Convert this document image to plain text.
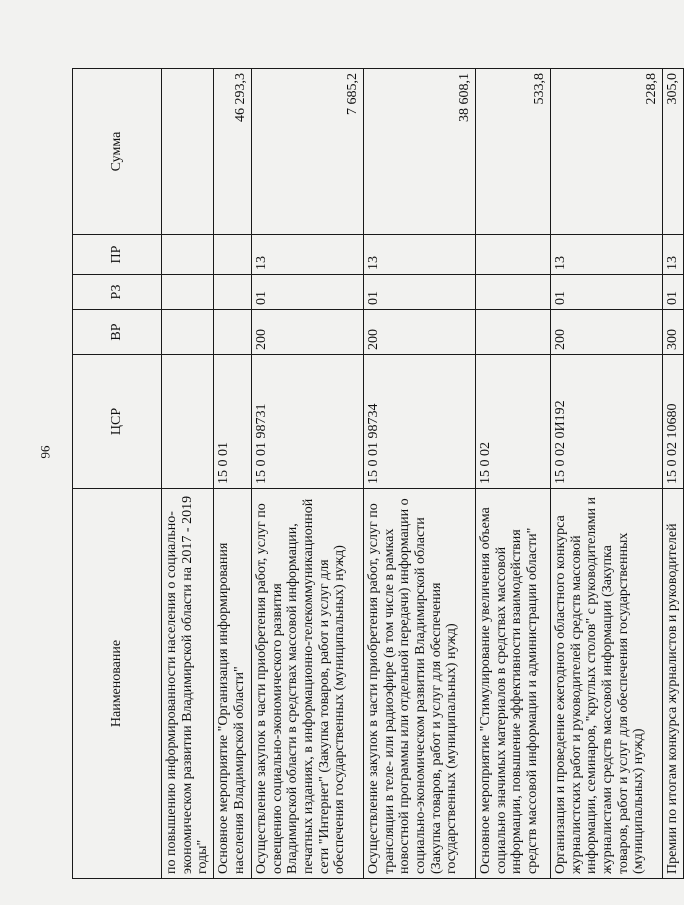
96
Наименование	ЦСР	ВР	РЗ	ПР	Сумма
по повышению информированности населения о социально-экономическом развитии Владимирской области на 2017 - 2019 годы"					
Основное мероприятие "Организация информирования населения Владимирской области"	15 0 01				46 293,3
Осуществление закупок в части приобретения работ, услуг по освещению социально-экономического развития Владимирской области в средствах массовой информации, печатных изданиях, в информационно-телекоммуникационной сети "Интернет" (Закупка товаров, работ и услуг для обеспечения государственных (муниципальных) нужд)	15 0 01 98731	200	01	13	7 685,2
Осуществление закупок в части приобретения работ, услуг по трансляции в теле- или радиоэфире (в том числе в рамках новостной программы или отдельной передачи) информации о социально-экономическом развитии Владимирской области (Закупка товаров, работ и услуг для обеспечения государственных (муниципальных) нужд)	15 0 01 98734	200	01	13	38 608,1
Основное мероприятие "Стимулирование увеличения объема социально значимых материалов в средствах массовой информации, повышение эффективности взаимодействия средств массовой информации и администрации области"	15 0 02				533,8
Организация и проведение ежегодного областного конкурса журналистских работ и руководителей средств массовой информации, семинаров, "круглых столов" с руководителями и журналистами средств массовой информации (Закупка товаров, работ и услуг для обеспечения государственных (муниципальных) нужд)	15 0 02 0И192	200	01	13	228,8
Премии по итогам конкурса журналистов и руководителей	15 0 02 10680	300	01	13	305,0
